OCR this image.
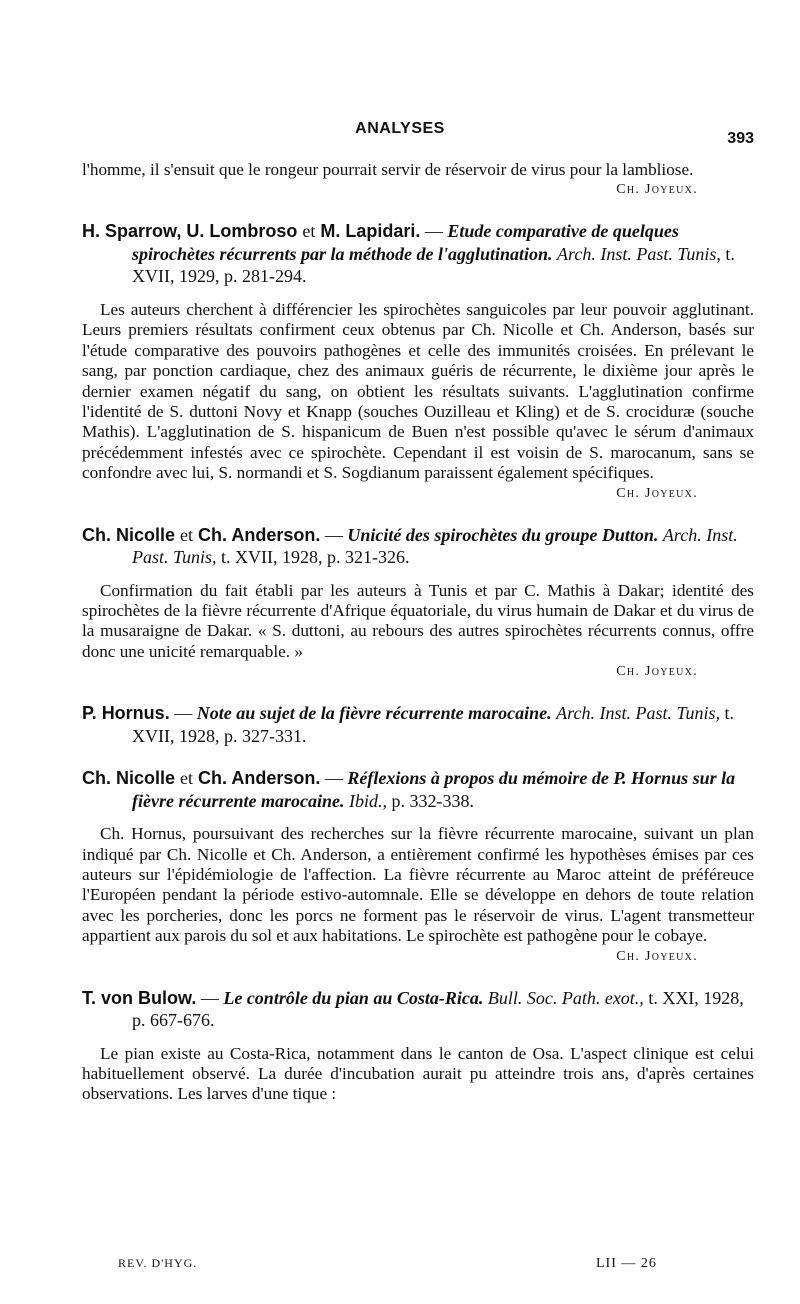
ANALYSES
393

l'homme, il s'ensuit que le rongeur pourrait servir de réservoir de virus pour la lambliose.

Ch. Joyeux.
H. Sparrow, U. Lombroso et M. Lapidari. — Etude comparative de quelques spirochètes récurrents par la méthode de l'agglutination. Arch. Inst. Past. Tunis, t. XVII, 1929, p. 281-294.

Les auteurs cherchent à différencier les spirochètes sanguicoles par leur pouvoir agglutinant. Leurs premiers résultats confirment ceux obtenus par Ch. Nicolle et Ch. Anderson, basés sur l'étude comparative des pouvoirs pathogènes et celle des immunités croisées. En prélevant le sang, par ponction cardiaque, chez des animaux guéris de récurrente, le dixième jour après le dernier examen négatif du sang, on obtient les résultats suivants. L'agglutination confirme l'identité de S. duttoni Novy et Knapp (souches Ouzilleau et Kling) et de S. crociduræ (souche Mathis). L'agglutination de S. hispanicum de Buen n'est possible qu'avec le sérum d'animaux précédemment infestés avec ce spirochète. Cependant il est voisin de S. marocanum, sans se confondre avec lui, S. normandi et S. Sogdianum paraissent également spécifiques.

Ch. Joyeux.
Ch. Nicolle et Ch. Anderson. — Unicité des spirochètes du groupe Dutton. Arch. Inst. Past. Tunis, t. XVII, 1928, p. 321-326.

Confirmation du fait établi par les auteurs à Tunis et par C. Mathis à Dakar; identité des spirochètes de la fièvre récurrente d'Afrique équatoriale, du virus humain de Dakar et du virus de la musaraigne de Dakar. « S. duttoni, au rebours des autres spirochètes récurrents connus, offre donc une unicité remarquable. »

Ch. Joyeux.
P. Hornus. — Note au sujet de la fièvre récurrente marocaine. Arch. Inst. Past. Tunis, t. XVII, 1928, p. 327-331.
Ch. Nicolle et Ch. Anderson. — Réflexions à propos du mémoire de P. Hornus sur la fièvre récurrente marocaine. Ibid., p. 332-338.

Ch. Hornus, poursuivant des recherches sur la fièvre récurrente marocaine, suivant un plan indiqué par Ch. Nicolle et Ch. Anderson, a entièrement confirmé les hypothèses émises par ces auteurs sur l'épidémiologie de l'affection. La fièvre récurrente au Maroc atteint de préféreuce l'Européen pendant la période estivo-automnale. Elle se développe en dehors de toute relation avec les porcheries, donc les porcs ne forment pas le réservoir de virus. L'agent transmetteur appartient aux parois du sol et aux habitations. Le spirochète est pathogène pour le cobaye.

Ch. Joyeux.
T. von Bulow. — Le contrôle du pian au Costa-Rica. Bull. Soc. Path. exot., t. XXI, 1928, p. 667-676.

Le pian existe au Costa-Rica, notamment dans le canton de Osa. L'aspect clinique est celui habituellement observé. La durée d'incubation aurait pu atteindre trois ans, d'après certaines observations. Les larves d'une tique :

REV. D'HYG.	LII — 26
